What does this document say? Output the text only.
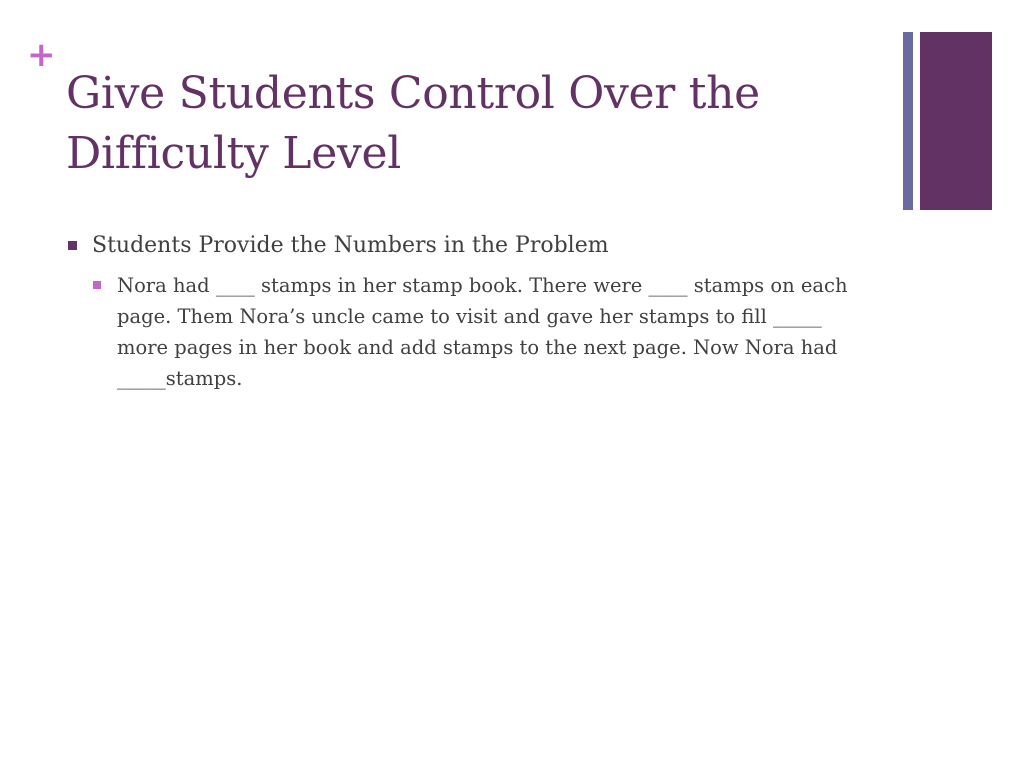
+
Give Students Control Over the Difficulty Level
Students Provide the Numbers in the Problem
Nora had ____ stamps in her stamp book. There were ____ stamps on each page. Them Nora’s uncle came to visit and gave her stamps to fill _____ more pages in her book and add stamps to the next page. Now Nora had _____stamps.
